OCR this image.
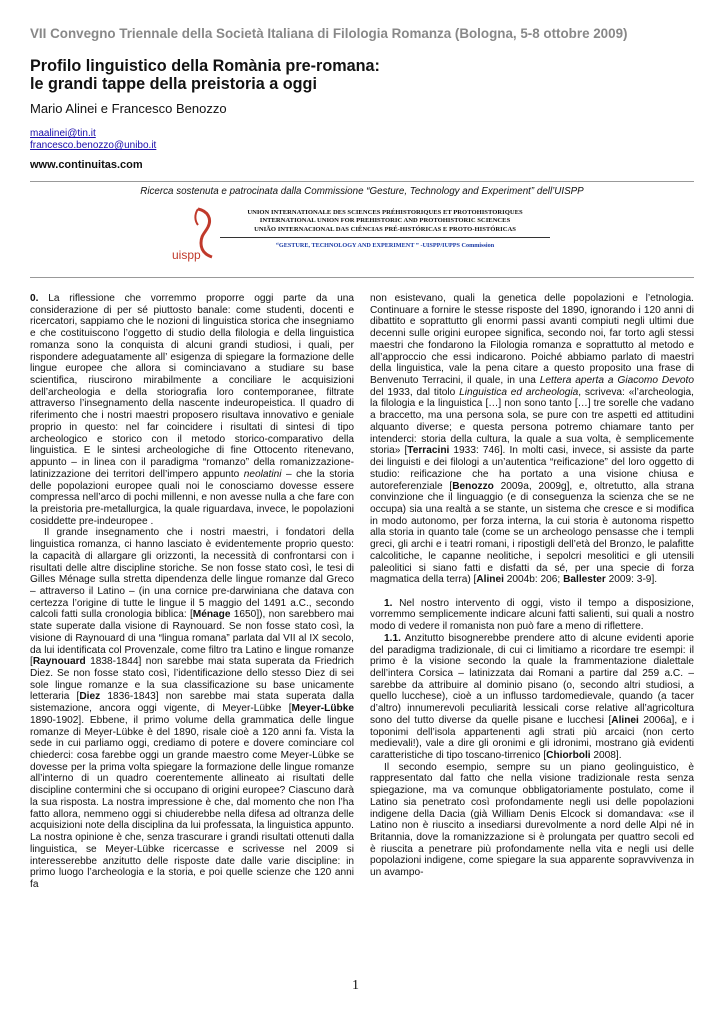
VII Convegno Triennale della Società Italiana di Filologia Romanza (Bologna, 5-8 ottobre 2009)
Profilo linguistico della Romània pre-romana:
le grandi tappe della preistoria a oggi
Mario Alinei e Francesco Benozzo
maalinei@tin.it
francesco.benozzo@unibo.it
www.continuitas.com
Ricerca sostenuta e patrocinata dalla Commissione “Gesture, Technology and Experiment” dell’UISPP
uispp
UNION INTERNATIONALE DES SCIENCES PRÉHISTORIQUES ET PROTOHISTORIQUES
INTERNATIONAL UNION FOR PREHISTORIC AND PROTOHISTORIC SCIENCES
UNIÃO INTERNACIONAL DAS CIÊNCIAS PRÉ-HISTÓRICAS E PROTO-HISTÓRICAS
“GESTURE, TECHNOLOGY AND EXPERIMENT ” -UISPP/IUPPS Commission

0. La riflessione che vorremmo proporre oggi parte da una considerazione di per sé piuttosto banale: come studenti, docenti e ricercatori, sappiamo che le nozioni di linguistica storica che insegniamo e che costituiscono l’oggetto di studio della filologia e della linguistica romanza sono la conquista di alcuni grandi studiosi, i quali, per rispondere adeguatamente all’ esigenza di spiegare la formazione delle lingue europee che allora si cominciavano a studiare su base scientifica, riuscirono mirabilmente a conciliare le acquisizioni dell’archeologia e della storiografia loro contemporanee, filtrate attraverso l’insegnamento della nascente indeuropeistica. Il quadro di riferimento che i nostri maestri proposero risultava innovativo e geniale proprio in questo: nel far coincidere i risultati di sintesi di tipo archeologico e storico con il metodo storico-comparativo della linguistica. E le sintesi archeologiche di fine Ottocento ritenevano, appunto – in linea con il paradigma “romanzo” della romanizzazione-latinizzazione dei territori dell’impero appunto neolatini – che la storia delle popolazioni europee quali noi le conosciamo dovesse essere compressa nell’arco di pochi millenni, e non avesse nulla a che fare con la preistoria pre-metallurgica, la quale riguardava, invece, le popolazioni cosiddette pre-indeuropee .

Il grande insegnamento che i nostri maestri, i fondatori della linguistica romanza, ci hanno lasciato è evidentemente proprio questo: la capacità di allargare gli orizzonti, la necessità di confrontarsi con i risultati delle altre discipline storiche. Se non fosse stato così, le tesi di Gilles Ménage sulla stretta dipendenza delle lingue romanze dal Greco – attraverso il Latino – (in una cornice pre-darwiniana che datava con certezza l’origine di tutte le lingue il 5 maggio del 1491 a.C., secondo calcoli fatti sulla cronologia biblica: [Ménage 1650]), non sarebbero mai state superate dalla visione di Raynouard. Se non fosse stato così, la visione di Raynouard di una “lingua romana” parlata dal VII al IX secolo, da lui identificata col Provenzale, come filtro tra Latino e lingue romanze [Raynouard 1838-1844] non sarebbe mai stata superata da Friedrich Diez. Se non fosse stato così, l’identificazione dello stesso Diez di sei sole lingue romanze e la sua classificazione su base unicamente letteraria [Diez 1836-1843] non sarebbe mai stata superata dalla sistemazione, ancora oggi vigente, di Meyer-Lübke [Meyer-Lübke 1890-1902]. Ebbene, il primo volume della grammatica delle lingue romanze di Meyer-Lübke è del 1890, risale cioè a 120 anni fa. Vista la sede in cui parliamo oggi, crediamo di potere e dovere cominciare col chiederci: cosa farebbe oggi un grande maestro come Meyer-Lübke se dovesse per la prima volta spiegare la formazione delle lingue romanze all’interno di un quadro coerentemente allineato ai risultati delle discipline contermini che si occupano di origini europee? Ciascuno darà la sua risposta. La nostra impressione è che, dal momento che non l’ha fatto allora, nemmeno oggi si chiuderebbe nella difesa ad oltranza delle acquisizioni note della disciplina da lui professata, la linguistica appunto. La nostra opinione è che, senza trascurare i grandi risultati ottenuti dalla linguistica, se Meyer-Lübke ricercasse e scrivesse nel 2009 si interesserebbe anzitutto delle risposte date dalle varie discipline: in primo luogo l’archeologia e la storia, e poi quelle scienze che 120 anni fa

non esistevano, quali la genetica delle popolazioni e l’etnologia. Continuare a fornire le stesse risposte del 1890, ignorando i 120 anni di dibattito e soprattutto gli enormi passi avanti compiuti negli ultimi due decenni sulle origini europee significa, secondo noi, far torto agli stessi maestri che fondarono la Filologia romanza e soprattutto al metodo e all’approccio che essi indicarono. Poiché abbiamo parlato di maestri della linguistica, vale la pena citare a questo proposito una frase di Benvenuto Terracini, il quale, in una Lettera aperta a Giacomo Devoto del 1933, dal titolo Linguistica ed archeologia, scriveva: «l’archeologia, la filologia e la linguistica […] non sono tanto […] tre sorelle che vadano a braccetto, ma una persona sola, se pure con tre aspetti ed attitudini alquanto diverse; e questa persona potremo chiamare tanto per intenderci: storia della cultura, la quale a sua volta, è semplicemente storia» [Terracini 1933: 746]. In molti casi, invece, si assiste da parte dei linguisti e dei filologi a un’autentica “reificazione” del loro oggetto di studio: reificazione che ha portato a una visione chiusa e autoreferenziale [Benozzo 2009a, 2009g], e, oltretutto, alla strana convinzione che il linguaggio (e di conseguenza la scienza che se ne occupa) sia una realtà a se stante, un sistema che cresce e si modifica in modo autonomo, per forza interna, la cui storia è autonoma rispetto alla storia in quanto tale (come se un archeologo pensasse che i templi greci, gli archi e i teatri romani, i ripostigli dell’età del Bronzo, le palafitte calcolitiche, le capanne neolitiche, i sepolcri mesolitici e gli utensili paleolitici si siano fatti e disfatti da sé, per una specie di forza magmatica della terra) [Alinei 2004b: 206; Ballester 2009: 3-9].

1. Nel nostro intervento di oggi, visto il tempo a disposizione, vorremmo semplicemente indicare alcuni fatti salienti, sui quali a nostro modo di vedere il romanista non può fare a meno di riflettere.

1.1. Anzitutto bisognerebbe prendere atto di alcune evidenti aporie del paradigma tradizionale, di cui ci limitiamo a ricordare tre esempi: il primo è la visione secondo la quale la frammentazione dialettale dell’intera Corsica – latinizzata dai Romani a partire dal 259 a.C. – sarebbe da attribuire al dominio pisano (o, secondo altri studiosi, a quello lucchese), cioè a un influsso tardomedievale, quando (a tacer d’altro) innumerevoli peculiarità lessicali corse relative all’agricoltura sono del tutto diverse da quelle pisane e lucchesi [Alinei 2006a], e i toponimi dell’isola appartenenti agli strati più arcaici (non certo medievali!), vale a dire gli oronimi e gli idronimi, mostrano già evidenti caratteristiche di tipo toscano-tirrenico [Chiorboli 2008].

Il secondo esempio, sempre su un piano geolinguistico, è rappresentato dal fatto che nella visione tradizionale resta senza spiegazione, ma va comunque obbligatoriamente postulato, come il Latino sia penetrato così profondamente negli usi delle popolazioni indigene della Dacia (già William Denis Elcock si domandava: «se il Latino non è riuscito a insediarsi durevolmente a nord delle Alpi né in Britannia, dove la romanizzazione si è prolungata per quattro secoli ed è riuscita a penetrare più profondamente nella vita e negli usi delle popolazioni indigene, come spiegare la sua apparente sopravvivenza in un avampo-

1
